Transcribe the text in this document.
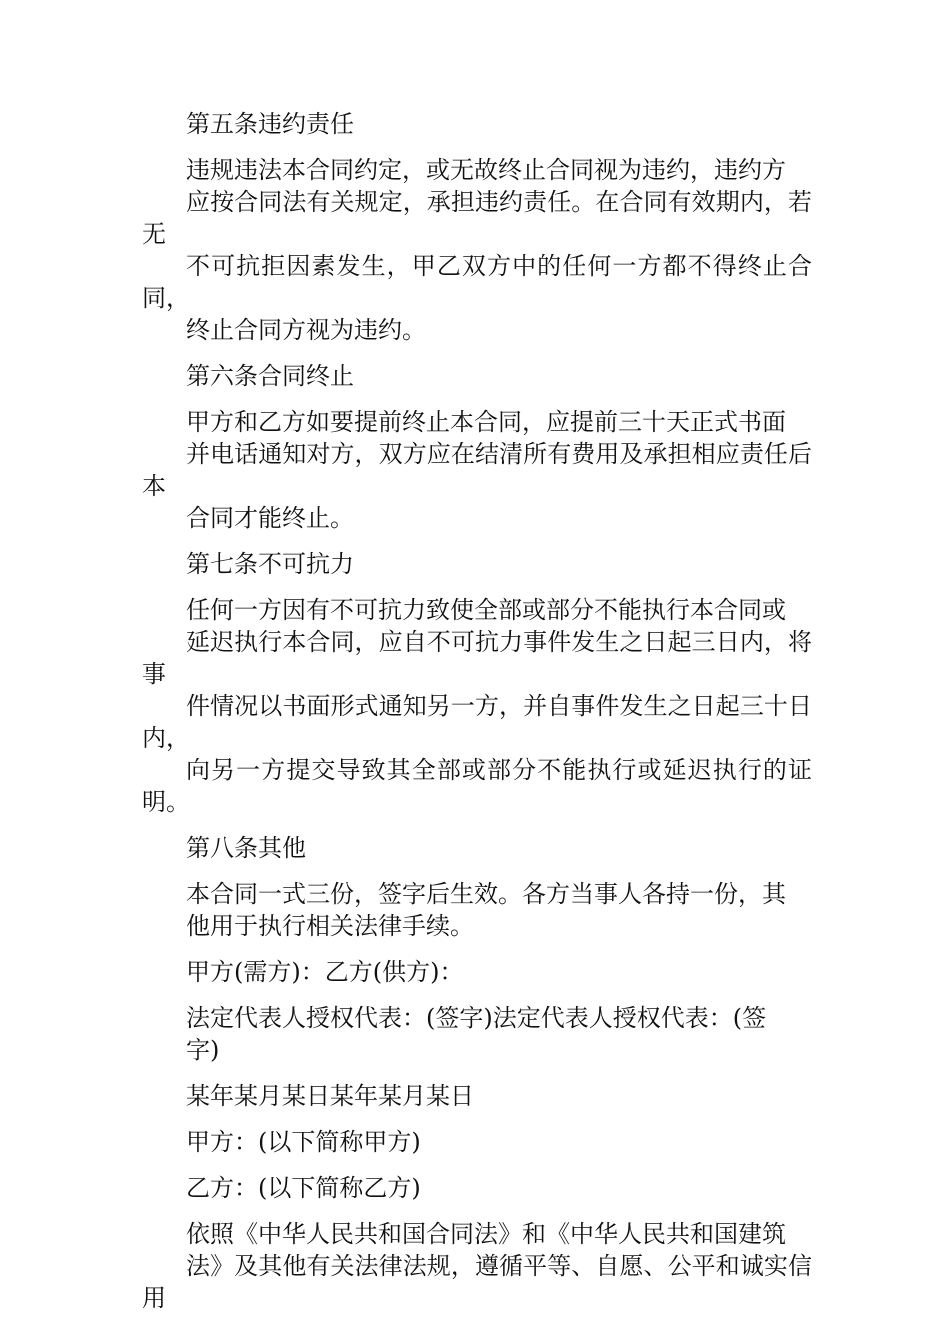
第五条违约责任

违规违法本合同约定，或无故终止合同视为违约，违约方
应按合同法有关规定，承担违约责任。在合同有效期内，若无
不可抗拒因素发生，甲乙双方中的任何一方都不得终止合同，
终止合同方视为违约。

第六条合同终止

甲方和乙方如要提前终止本合同，应提前三十天正式书面
并电话通知对方，双方应在结清所有费用及承担相应责任后本
合同才能终止。

第七条不可抗力

任何一方因有不可抗力致使全部或部分不能执行本合同或
延迟执行本合同，应自不可抗力事件发生之日起三日内，将事
件情况以书面形式通知另一方，并自事件发生之日起三十日内，
向另一方提交导致其全部或部分不能执行或延迟执行的证明。

第八条其他

本合同一式三份，签字后生效。各方当事人各持一份，其
他用于执行相关法律手续。

甲方(需方)：乙方(供方)：

法定代表人授权代表：(签字)法定代表人授权代表：(签
字)

某年某月某日某年某月某日

甲方：(以下简称甲方)

乙方：(以下简称乙方)

依照《中华人民共和国合同法》和《中华人民共和国建筑
法》及其他有关法律法规，遵循平等、自愿、公平和诚实信用
